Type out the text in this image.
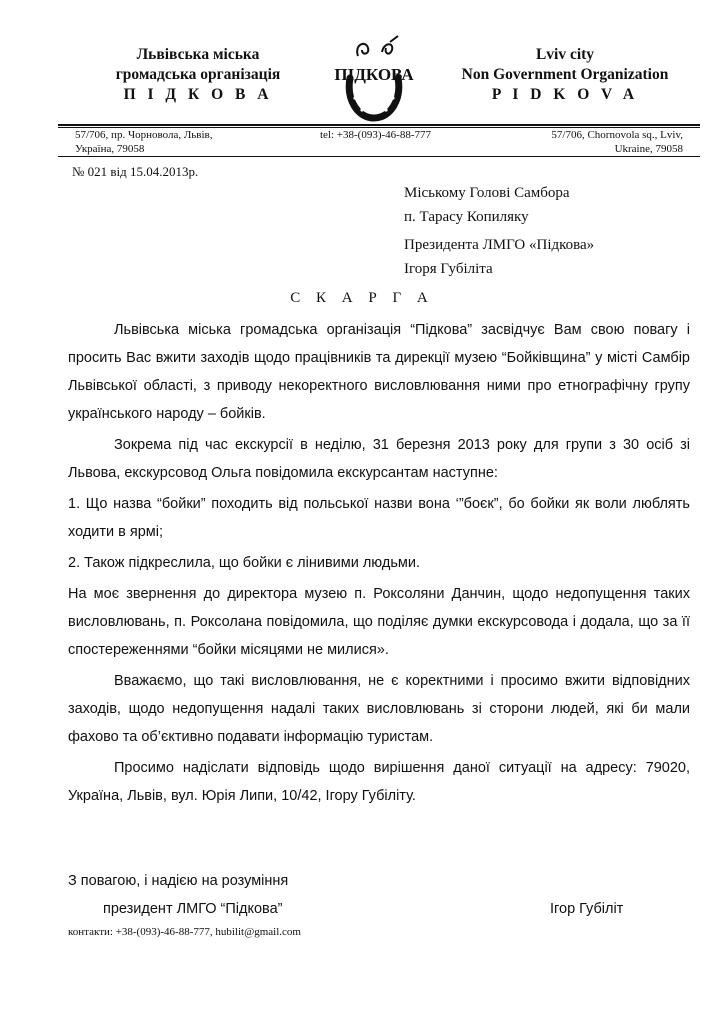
Львівська міська
громадська організація
П І Д К О В А
ПІДКОВА
Lviv city
Non Government Organization
P I D K O V A
57/706, пр. Чорновола, Львів,
Україна, 79058
tel: +38-(093)-46-88-777	57/706, Chornovola sq., Lviv,
Ukraine, 79058
№ 021 від 15.04.2013р.
Міському Голові Самбора
п. Тарасу Копиляку
Президента ЛМГО «Підкова»
Ігоря Губіліта
С К А Р Г А

Львівська міська громадська організація “Підкова” засвідчує Вам свою повагу і просить Вас вжити заходів щодо працівників та дирекції музею “Бойківщина” у місті Самбір Львівської області, з приводу некоректного висловлювання ними про етнографічну групу українського народу – бойків.

Зокрема під час екскурсії в неділю, 31 березня 2013 року для групи з 30 осіб зі Львова, екскурсовод Ольга повідомила екскурсантам наступне:

1. Що назва “бойки” походить від польської назви вона ‘”боєк”, бо бойки як воли люблять ходити в ярмі;

2. Також підкреслила, що бойки є лінивими людьми.

На моє звернення до директора музею п. Роксоляни Данчин, щодо недопущення таких висловлювань, п. Роксолана повідомила, що поділяє думки екскурсовода і додала, що за її спостереженнями “бойки місяцями не милися».

Вважаємо, що такі висловлювання, не є коректними і просимо вжити відповідних заходів, щодо недопущення надалі таких висловлювань зі сторони людей, які би мали фахово та об’єктивно подавати інформацію туристам.

Просимо надіслати відповідь щодо вирішення даної ситуації на адресу: 79020, Україна, Львів, вул. Юрія Липи, 10/42, Ігору Губіліту.

З повагою, і надією на розуміння
президент ЛМГО “Підкова”	Ігор Губіліт
контакти: +38-(093)-46-88-777, hubilit@gmail.com
